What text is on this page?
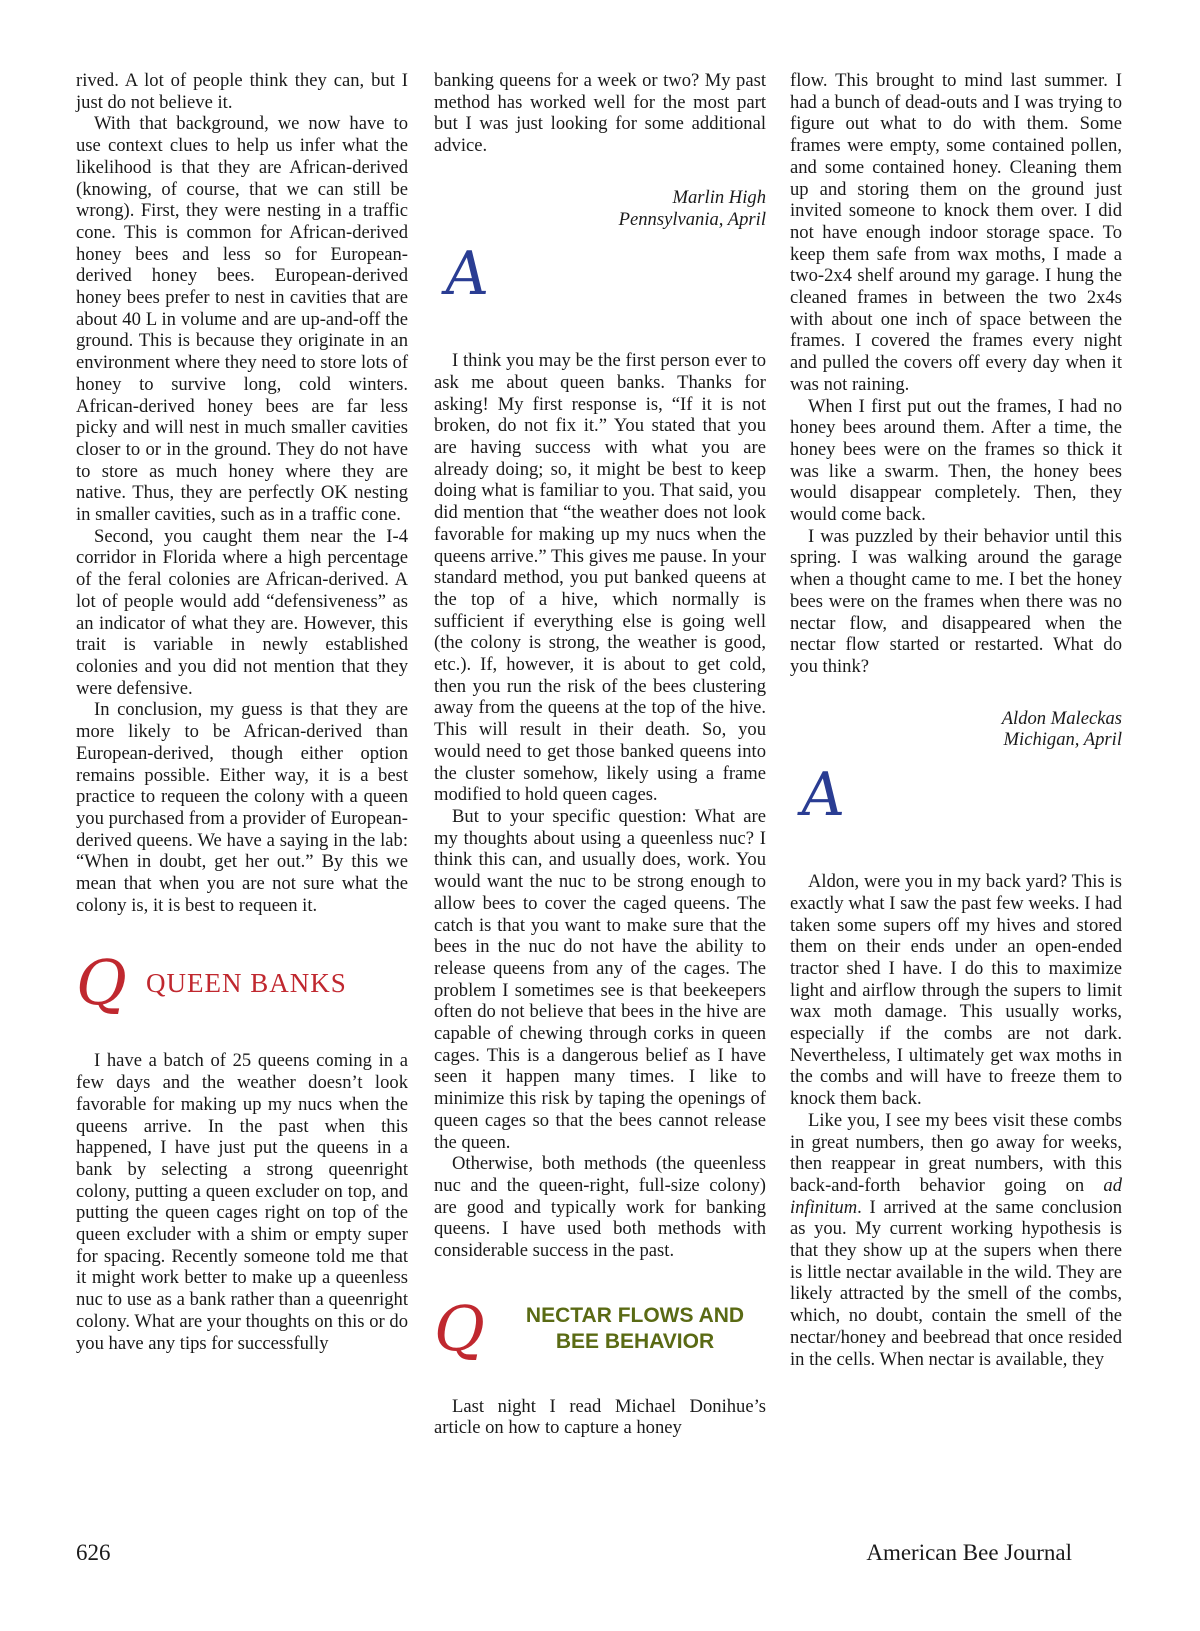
rived. A lot of people think they can, but I just do not believe it.

With that background, we now have to use context clues to help us infer what the likelihood is that they are African-derived (knowing, of course, that we can still be wrong). First, they were nesting in a traffic cone. This is common for African-derived honey bees and less so for European-derived honey bees. European-derived honey bees prefer to nest in cavities that are about 40 L in volume and are up-and-off the ground. This is because they originate in an environment where they need to store lots of honey to survive long, cold winters. African-derived honey bees are far less picky and will nest in much smaller cavities closer to or in the ground. They do not have to store as much honey where they are native. Thus, they are perfectly OK nesting in smaller cavities, such as in a traffic cone.

Second, you caught them near the I-4 corridor in Florida where a high percentage of the feral colonies are African-derived. A lot of people would add “defensiveness” as an indicator of what they are. However, this trait is variable in newly established colonies and you did not mention that they were defensive.

In conclusion, my guess is that they are more likely to be African-derived than European-derived, though either option remains possible. Either way, it is a best practice to requeen the colony with a queen you purchased from a provider of European-derived queens. We have a saying in the lab: “When in doubt, get her out.” By this we mean that when you are not sure what the colony is, it is best to requeen it.

Q QUEEN BANKS

I have a batch of 25 queens coming in a few days and the weather doesn’t look favorable for making up my nucs when the queens arrive. In the past when this happened, I have just put the queens in a bank by selecting a strong queenright colony, putting a queen excluder on top, and putting the queen cages right on top of the queen excluder with a shim or empty super for spacing. Recently someone told me that it might work better to make up a queenless nuc to use as a bank rather than a queenright colony. What are your thoughts on this or do you have any tips for successfully

banking queens for a week or two? My past method has worked well for the most part but I was just looking for some additional advice.

Marlin High

Pennsylvania, April

A

I think you may be the first person ever to ask me about queen banks. Thanks for asking! My first response is, “If it is not broken, do not fix it.” You stated that you are having success with what you are already doing; so, it might be best to keep doing what is familiar to you. That said, you did mention that “the weather does not look favorable for making up my nucs when the queens arrive.” This gives me pause. In your standard method, you put banked queens at the top of a hive, which normally is sufficient if everything else is going well (the colony is strong, the weather is good, etc.). If, however, it is about to get cold, then you run the risk of the bees clustering away from the queens at the top of the hive. This will result in their death. So, you would need to get those banked queens into the cluster somehow, likely using a frame modified to hold queen cages.

But to your specific question: What are my thoughts about using a queenless nuc? I think this can, and usually does, work. You would want the nuc to be strong enough to allow bees to cover the caged queens. The catch is that you want to make sure that the bees in the nuc do not have the ability to release queens from any of the cages. The problem I sometimes see is that beekeepers often do not believe that bees in the hive are capable of chewing through corks in queen cages. This is a dangerous belief as I have seen it happen many times. I like to minimize this risk by taping the openings of queen cages so that the bees cannot release the queen.

Otherwise, both methods (the queenless nuc and the queen-right, full-size colony) are good and typically work for banking queens. I have used both methods with considerable success in the past.

Q	NECTAR FLOWS AND
BEE BEHAVIOR

Last night I read Michael Donihue’s article on how to capture a honey

flow. This brought to mind last summer. I had a bunch of dead-outs and I was trying to figure out what to do with them. Some frames were empty, some contained pollen, and some contained honey. Cleaning them up and storing them on the ground just invited someone to knock them over. I did not have enough indoor storage space. To keep them safe from wax moths, I made a two-2x4 shelf around my garage. I hung the cleaned frames in between the two 2x4s with about one inch of space between the frames. I covered the frames every night and pulled the covers off every day when it was not raining.

When I first put out the frames, I had no honey bees around them. After a time, the honey bees were on the frames so thick it was like a swarm. Then, the honey bees would disappear completely. Then, they would come back.

I was puzzled by their behavior until this spring. I was walking around the garage when a thought came to me. I bet the honey bees were on the frames when there was no nectar flow, and disappeared when the nectar flow started or restarted. What do you think?

Aldon Maleckas

Michigan, April

A

Aldon, were you in my back yard? This is exactly what I saw the past few weeks. I had taken some supers off my hives and stored them on their ends under an open-ended tractor shed I have. I do this to maximize light and airflow through the supers to limit wax moth damage. This usually works, especially if the combs are not dark. Nevertheless, I ultimately get wax moths in the combs and will have to freeze them to knock them back.

Like you, I see my bees visit these combs in great numbers, then go away for weeks, then reappear in great numbers, with this back-and-forth behavior going on ad infinitum. I arrived at the same conclusion as you. My current working hypothesis is that they show up at the supers when there is little nectar available in the wild. They are likely attracted by the smell of the combs, which, no doubt, contain the smell of the nectar/honey and beebread that once resided in the cells. When nectar is available, they

626	American Bee Journal
